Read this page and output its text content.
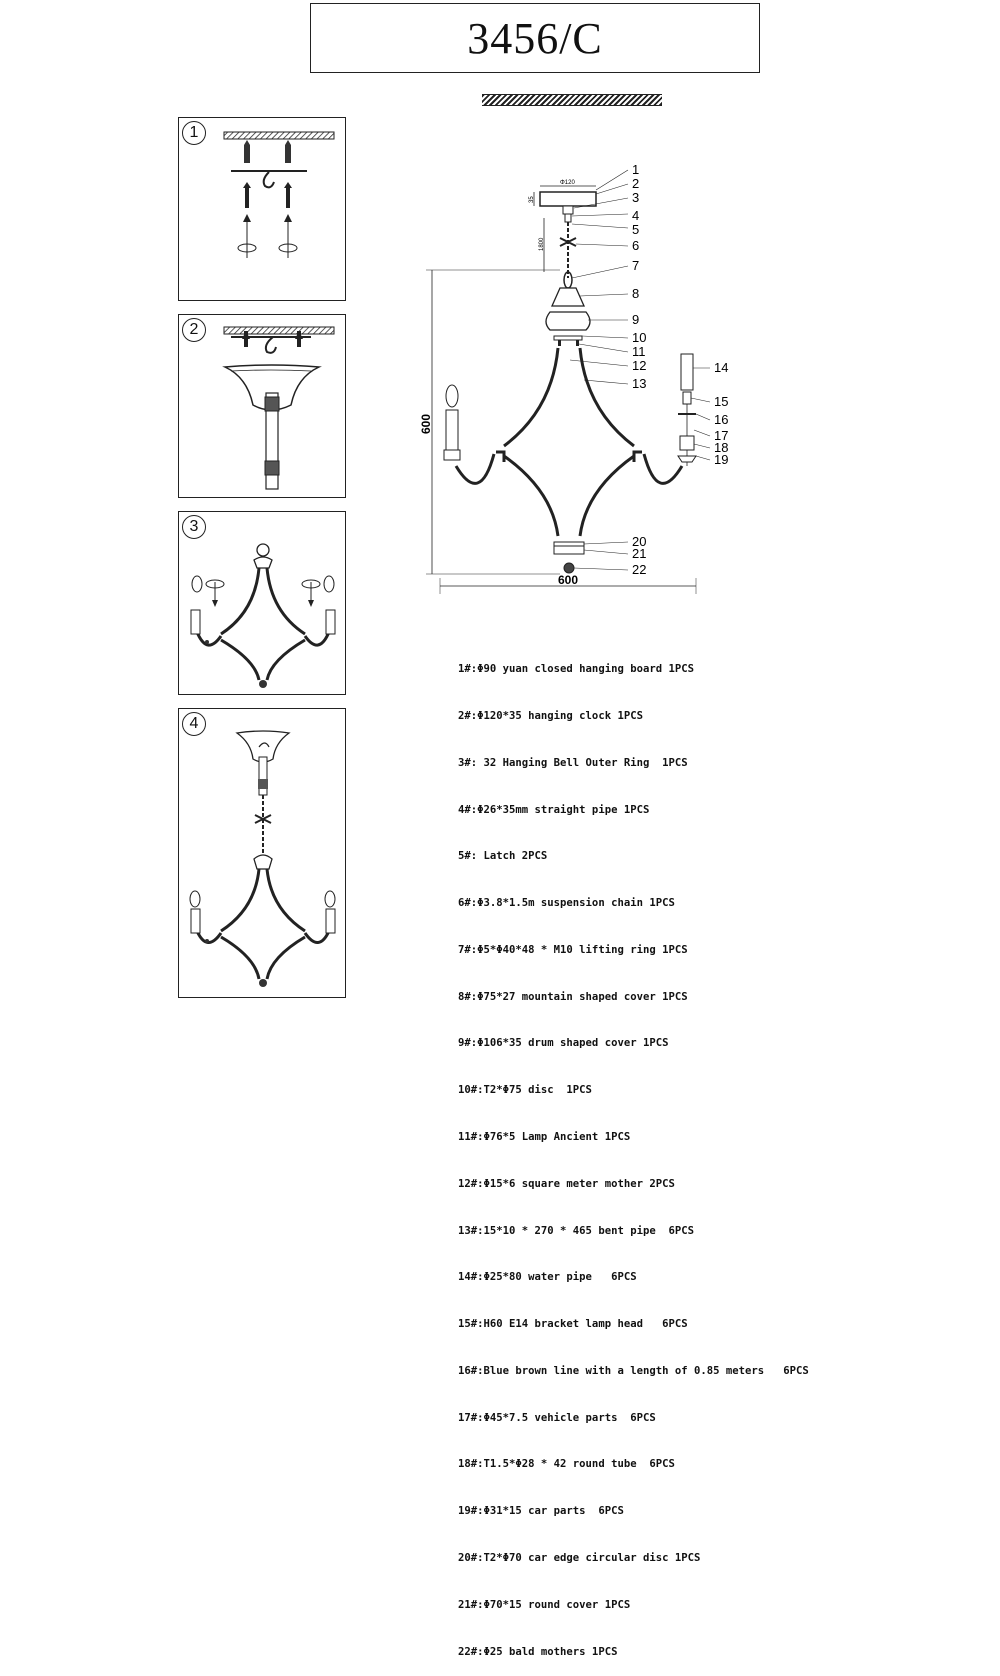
3456/C
1
2
3
4
Φ120
35
1800
600
600
1
2
3
4
5
6
7
8
9
10
11
12
13
14
15
16
17
18
19
20
21
22

1#:Φ90 yuan closed hanging board 1PCS

2#:Φ120*35 hanging clock 1PCS

3#: 32 Hanging Bell Outer Ring  1PCS

4#:Φ26*35mm straight pipe 1PCS

5#: Latch 2PCS

6#:Φ3.8*1.5m suspension chain 1PCS

7#:Φ5*Φ40*48 * M10 lifting ring 1PCS

8#:Φ75*27 mountain shaped cover 1PCS

9#:Φ106*35 drum shaped cover 1PCS

10#:T2*Φ75 disc  1PCS

11#:Φ76*5 Lamp Ancient 1PCS

12#:Φ15*6 square meter mother 2PCS

13#:15*10 * 270 * 465 bent pipe  6PCS

14#:Φ25*80 water pipe   6PCS

15#:H60 E14 bracket lamp head   6PCS

16#:Blue brown line with a length of 0.85 meters   6PCS

17#:Φ45*7.5 vehicle parts  6PCS

18#:T1.5*Φ28 * 42 round tube  6PCS

19#:Φ31*15 car parts  6PCS

20#:T2*Φ70 car edge circular disc 1PCS

21#:Φ70*15 round cover 1PCS

22#:Φ25 bald mothers 1PCS
